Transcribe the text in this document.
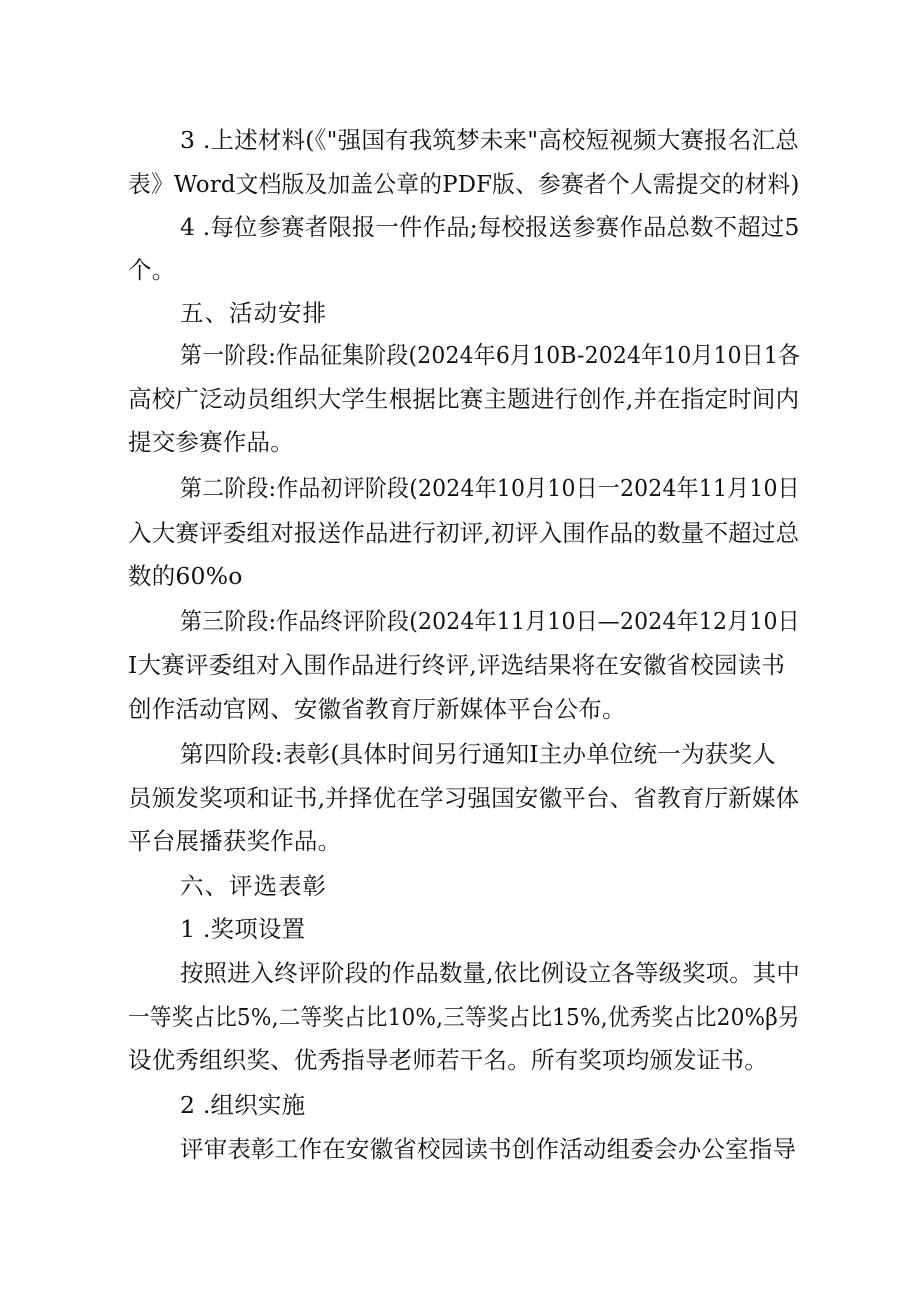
3 .上述材料(《"强国有我筑梦未来"高校短视频大赛报名汇总
表》Word文档版及加盖公章的PDF版、参赛者个人需提交的材料)
4 .每位参赛者限报一件作品;每校报送参赛作品总数不超过5
个。
五、活动安排
第一阶段:作品征集阶段(2024年6月10B-2024年10月10日1各
高校广泛动员组织大学生根据比赛主题进行创作,并在指定时间内
提交参赛作品。
第二阶段:作品初评阶段(2024年10月10日一2024年11月10日
入大赛评委组对报送作品进行初评,初评入围作品的数量不超过总
数的60%o
第三阶段:作品终评阶段(2024年11月10日—2024年12月10日
I大赛评委组对入围作品进行终评,评选结果将在安徽省校园读书
创作活动官网、安徽省教育厅新媒体平台公布。
第四阶段:表彰(具体时间另行通知I主办单位统一为获奖人
员颁发奖项和证书,并择优在学习强国安徽平台、省教育厅新媒体
平台展播获奖作品。
六、评选表彰
1 .奖项设置
按照进入终评阶段的作品数量,依比例设立各等级奖项。其中
一等奖占比5%,二等奖占比10%,三等奖占比15%,优秀奖占比20%β另
设优秀组织奖、优秀指导老师若干名。所有奖项均颁发证书。
2 .组织实施
评审表彰工作在安徽省校园读书创作活动组委会办公室指导
